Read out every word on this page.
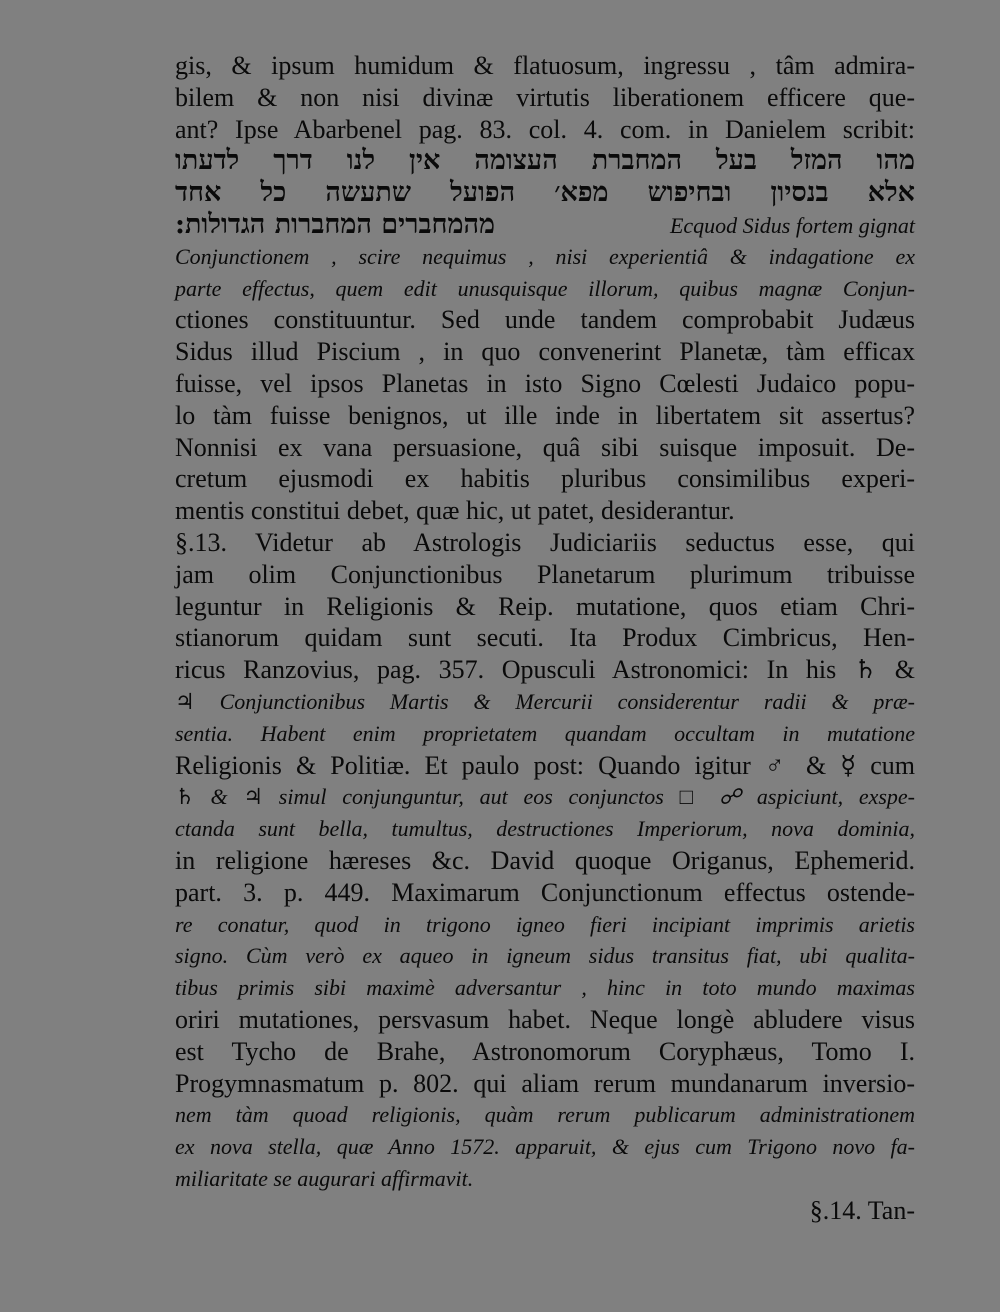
gis, & ipsum humidum & flatuosum, ingressu , tâm admira-
bilem & non nisi divinæ virtutis liberationem efficere que-
ant? Ipse Abarbenel pag. 83. col. 4. com. in Danielem scribit:
מהו המזל בעל המחברת העצומה אין לנו דרך לדעתו
אלא בנסיון ובחיפוש מפא׳ הפועל שתעשה כל אחד
מהמחברים המחברות הגדולות:	Ecquod Sidus fortem gignat
Conjunctionem , scire nequimus , nisi experientiâ & indagatione ex
parte effectus, quem edit unusquisque illorum, quibus magnæ Conjun-
ctiones constituuntur. Sed unde tandem comprobabit Judæus
Sidus illud Piscium , in quo convenerint Planetæ, tàm efficax
fuisse, vel ipsos Planetas in isto Signo Cœlesti Judaico popu-
lo tàm fuisse benignos, ut ille inde in libertatem sit assertus?
Nonnisi ex vana persuasione, quâ sibi suisque imposuit. De-
cretum ejusmodi ex habitis pluribus consimilibus experi-
mentis constitui debet, quæ hic, ut patet, desiderantur.
§.13. Videtur ab Astrologis Judiciariis seductus esse, qui
jam olim Conjunctionibus Planetarum plurimum tribuisse
leguntur in Religionis & Reip. mutatione, quos etiam Chri-
stianorum quidam sunt secuti. Ita Produx Cimbricus, Hen-
ricus Ranzovius, pag. 357. Opusculi Astronomici: In his ♄ &
♃ Conjunctionibus Martis & Mercurii considerentur radii & præ-
sentia. Habent enim proprietatem quandam occultam in mutatione
Religionis & Politiæ. Et paulo post: Quando igitur ♂ & ☿ cum
♄ & ♃ simul conjunguntur, aut eos conjunctos □ ☍ aspiciunt, exspe-
ctanda sunt bella, tumultus, destructiones Imperiorum, nova dominia,
in religione hæreses &c. David quoque Origanus, Ephemerid.
part. 3. p. 449. Maximarum Conjunctionum effectus ostende-
re conatur, quod in trigono igneo fieri incipiant imprimis arietis
signo. Cùm verò ex aqueo in igneum sidus transitus fiat, ubi qualita-
tibus primis sibi maximè adversantur , hinc in toto mundo maximas
oriri mutationes, persvasum habet. Neque longè abludere visus
est Tycho de Brahe, Astronomorum Coryphæus, Tomo I.
Progymnasmatum p. 802. qui aliam rerum mundanarum inversio-
nem tàm quoad religionis, quàm rerum publicarum administrationem
ex nova stella, quæ Anno 1572. apparuit, & ejus cum Trigono novo fa-
miliaritate se augurari affirmavit.
§.14. Tan-
